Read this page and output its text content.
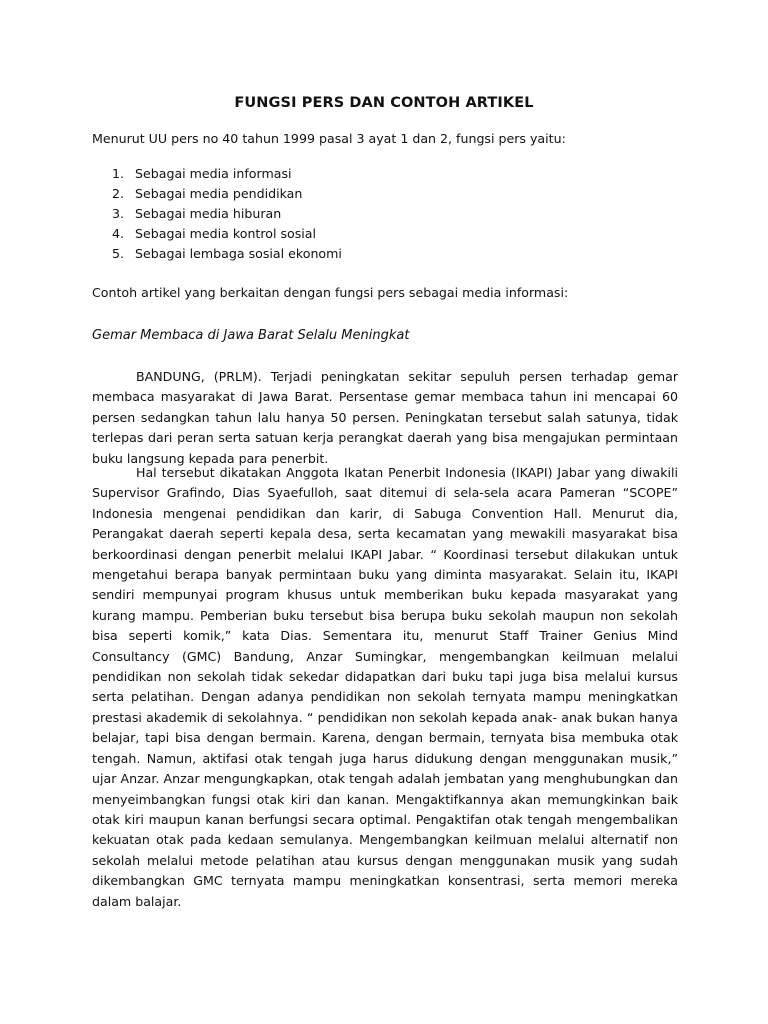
FUNGSI PERS DAN CONTOH ARTIKEL
Menurut UU pers no 40 tahun 1999 pasal 3 ayat 1 dan 2, fungsi pers yaitu:
1. Sebagai media informasi
2. Sebagai media pendidikan
3. Sebagai media hiburan
4. Sebagai media kontrol sosial
5. Sebagai lembaga sosial ekonomi
Contoh artikel yang berkaitan dengan fungsi pers sebagai media informasi:
Gemar Membaca di Jawa Barat Selalu Meningkat

BANDUNG, (PRLM). Terjadi peningkatan sekitar sepuluh persen terhadap gemar membaca masyarakat di Jawa Barat. Persentase gemar membaca tahun ini mencapai 60 persen sedangkan tahun lalu hanya 50 persen. Peningkatan tersebut salah satunya, tidak terlepas dari peran serta satuan kerja perangkat daerah yang bisa mengajukan permintaan buku langsung kepada para penerbit.

Hal tersebut dikatakan Anggota Ikatan Penerbit Indonesia (IKAPI) Jabar yang diwakili Supervisor Grafindo, Dias Syaefulloh, saat ditemui di sela-sela acara Pameran “SCOPE” Indonesia mengenai pendidikan dan karir, di Sabuga Convention Hall. Menurut dia, Perangakat daerah seperti kepala desa, serta kecamatan yang mewakili masyarakat bisa berkoordinasi dengan penerbit melalui IKAPI Jabar. “ Koordinasi tersebut dilakukan untuk mengetahui berapa banyak permintaan buku yang diminta masyarakat. Selain itu, IKAPI sendiri mempunyai program khusus untuk memberikan buku kepada masyarakat yang kurang mampu. Pemberian buku tersebut bisa berupa buku sekolah maupun non sekolah bisa seperti komik,” kata Dias. Sementara itu, menurut Staff Trainer Genius Mind Consultancy (GMC) Bandung, Anzar Sumingkar, mengembangkan keilmuan melalui pendidikan non sekolah tidak sekedar didapatkan dari buku tapi juga bisa melalui kursus serta pelatihan. Dengan adanya pendidikan non sekolah ternyata mampu meningkatkan prestasi akademik di sekolahnya. “ pendidikan non sekolah kepada anak- anak bukan hanya belajar, tapi bisa dengan bermain. Karena, dengan bermain, ternyata bisa membuka otak tengah. Namun, aktifasi otak tengah juga harus didukung dengan menggunakan musik,” ujar Anzar. Anzar mengungkapkan, otak tengah adalah jembatan yang menghubungkan dan menyeimbangkan fungsi otak kiri dan kanan. Mengaktifkannya akan memungkinkan baik otak kiri maupun kanan berfungsi secara optimal. Pengaktifan otak tengah mengembalikan kekuatan otak pada kedaan semulanya. Mengembangkan keilmuan melalui alternatif non sekolah melalui metode pelatihan atau kursus dengan menggunakan musik yang sudah dikembangkan GMC ternyata mampu meningkatkan konsentrasi, serta memori mereka dalam balajar.
